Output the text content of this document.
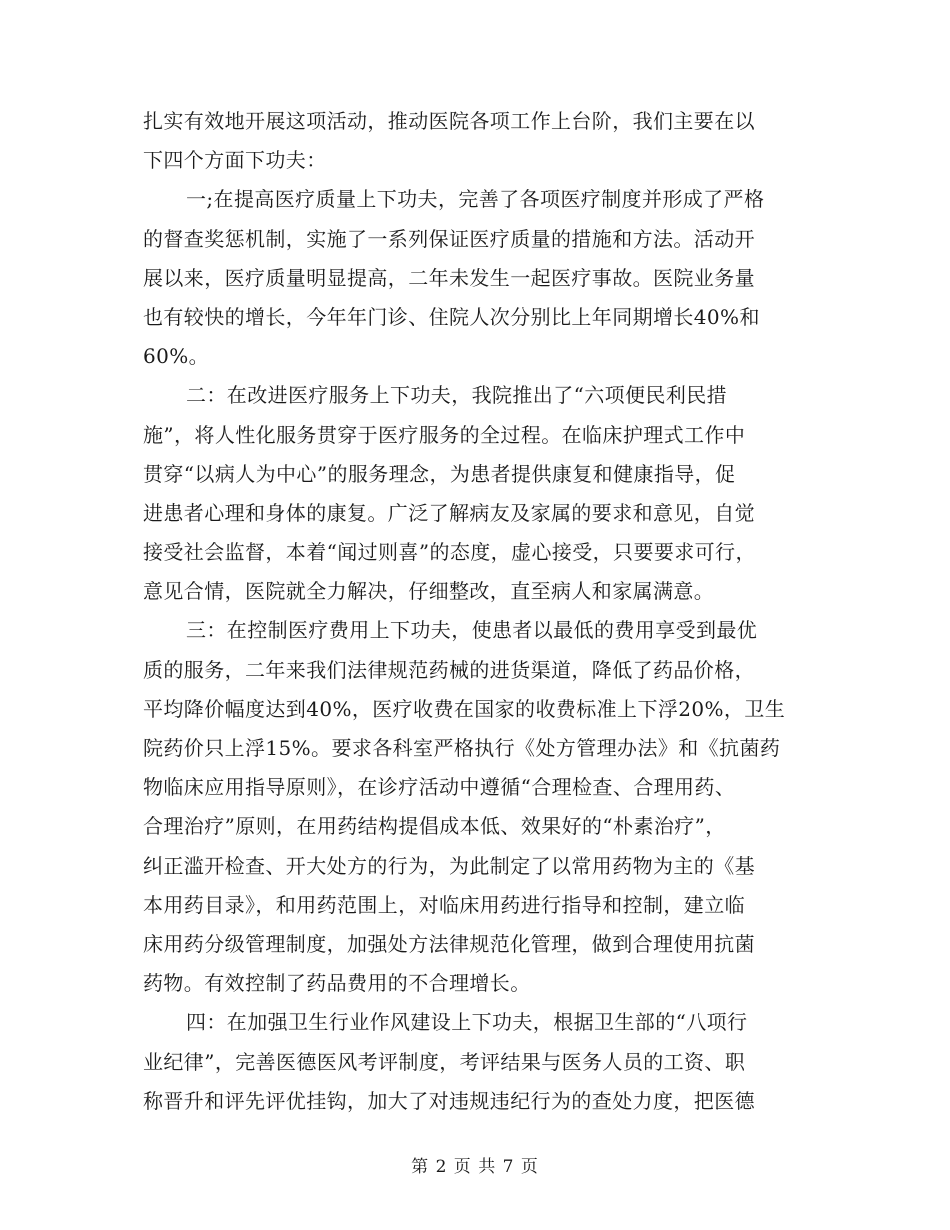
扎实有效地开展这项活动，推动医院各项工作上台阶，我们主要在以
下四个方面下功夫：
一;在提高医疗质量上下功夫，完善了各项医疗制度并形成了严格
的督查奖惩机制，实施了一系列保证医疗质量的措施和方法。活动开
展以来，医疗质量明显提高，二年未发生一起医疗事故。医院业务量
也有较快的增长，今年年门诊、住院人次分别比上年同期增长40%和
60%。
二：在改进医疗服务上下功夫，我院推出了“六项便民利民措
施”，将人性化服务贯穿于医疗服务的全过程。在临床护理式工作中
贯穿“以病人为中心”的服务理念，为患者提供康复和健康指导，促
进患者心理和身体的康复。广泛了解病友及家属的要求和意见，自觉
接受社会监督，本着“闻过则喜”的态度，虚心接受，只要要求可行，
意见合情，医院就全力解决，仔细整改，直至病人和家属满意。
三：在控制医疗费用上下功夫，使患者以最低的费用享受到最优
质的服务，二年来我们法律规范药械的进货渠道，降低了药品价格，
平均降价幅度达到40%，医疗收费在国家的收费标准上下浮20%，卫生
院药价只上浮15%。要求各科室严格执行《处方管理办法》和《抗菌药
物临床应用指导原则》，在诊疗活动中遵循“合理检查、合理用药、
合理治疗”原则，在用药结构提倡成本低、效果好的“朴素治疗”，
纠正滥开检查、开大处方的行为，为此制定了以常用药物为主的《基
本用药目录》，和用药范围上，对临床用药进行指导和控制，建立临
床用药分级管理制度，加强处方法律规范化管理，做到合理使用抗菌
药物。有效控制了药品费用的不合理增长。
四：在加强卫生行业作风建设上下功夫，根据卫生部的“八项行
业纪律”，完善医德医风考评制度，考评结果与医务人员的工资、职
称晋升和评先评优挂钩，加大了对违规违纪行为的查处力度，把医德
第 2 页 共 7 页
